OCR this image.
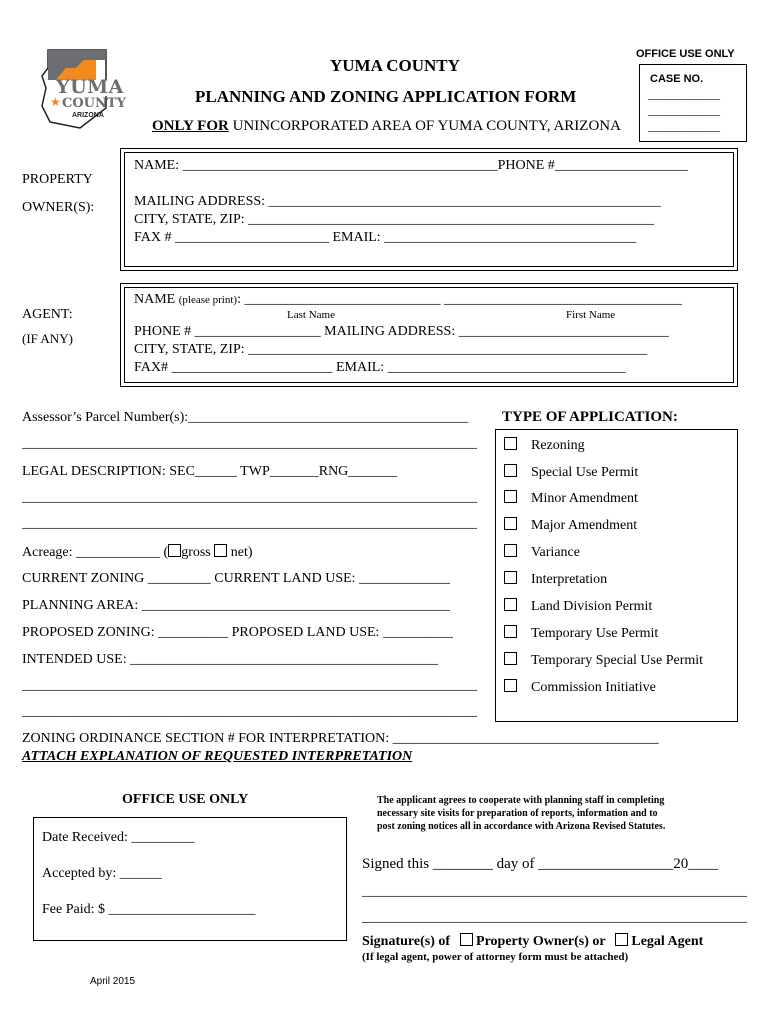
YUMA
COUNTY
★
ARIZONA
YUMA COUNTY
PLANNING AND ZONING APPLICATION FORM
ONLY FOR UNINCORPORATED AREA OF YUMA COUNTY, ARIZONA
OFFICE USE ONLY
CASE NO.
____________
____________
____________
PROPERTY
OWNER(S):
NAME: _____________________________________________PHONE #___________________
MAILING ADDRESS: ________________________________________________________
CITY, STATE, ZIP: __________________________________________________________
FAX # ______________________ EMAIL: ____________________________________
AGENT:
(IF ANY)
NAME (please print): ____________________________ __________________________________
Last Name	First Name
PHONE # __________________ MAILING ADDRESS: ______________________________
CITY, STATE, ZIP: _________________________________________________________
FAX# _______________________ EMAIL: __________________________________
Assessor’s Parcel Number(s):________________________________________
_________________________________________________________________
LEGAL DESCRIPTION: SEC______ TWP_______RNG_______
_________________________________________________________________
_________________________________________________________________
Acreage: ____________ ( gross  net)
CURRENT ZONING _________ CURRENT LAND USE: _____________
PLANNING AREA: ____________________________________________
PROPOSED ZONING: __________ PROPOSED LAND USE: __________
INTENDED USE: ____________________________________________
_________________________________________________________________
_________________________________________________________________
TYPE OF APPLICATION:
Rezoning
Special Use Permit
Minor Amendment
Major Amendment
Variance
Interpretation
Land Division Permit
Temporary Use Permit
Temporary Special Use Permit
Commission Initiative
ZONING ORDINANCE SECTION # FOR INTERPRETATION: ______________________________________
ATTACH EXPLANATION OF REQUESTED INTERPRETATION
OFFICE USE ONLY
Date Received: _________
Accepted by: ______
Fee Paid: $ _____________________
The applicant agrees to cooperate with planning staff in completing
necessary site visits for preparation of reports, information and to
post zoning notices all in accordance with Arizona Revised Statutes.
Signed this ________ day of __________________20____
_______________________________________________________
_______________________________________________________
Signature(s) of Property Owner(s) or Legal Agent
(If legal agent, power of attorney form must be attached)
April 2015
